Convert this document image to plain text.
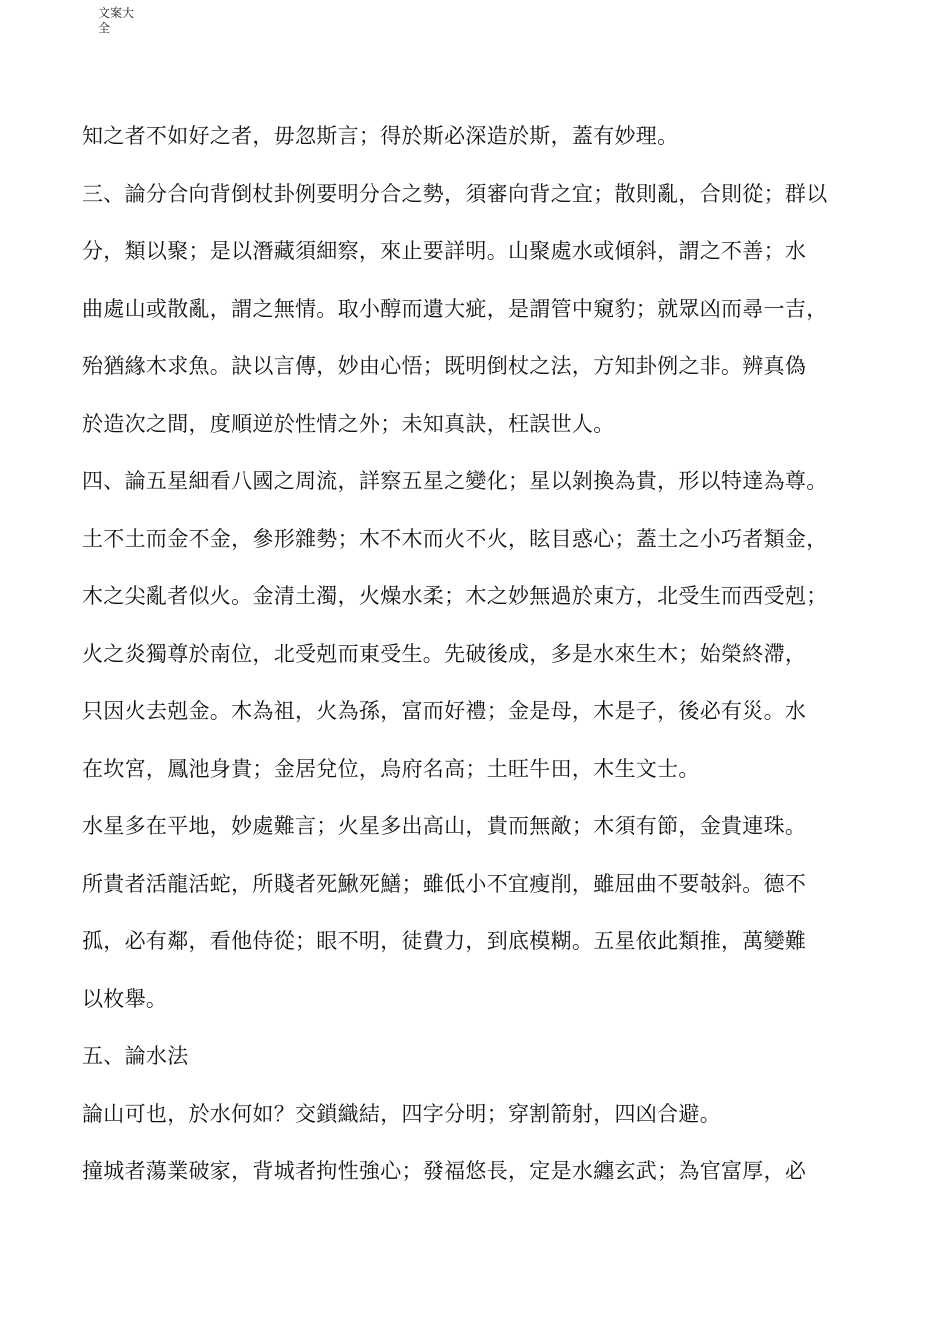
文案大全
知之者不如好之者，毋忽斯言；得於斯必深造於斯，蓋有妙理。
三、論分合向背倒杖卦例要明分合之勢，須審向背之宜；散則亂，合則從；群以
分，類以聚；是以潛藏須細察，來止要詳明。山聚處水或傾斜，謂之不善；水
曲處山或散亂，謂之無情。取小醇而遺大疵，是謂管中窺豹；就眾凶而尋一吉，
殆猶緣木求魚。訣以言傳，妙由心悟；既明倒杖之法，方知卦例之非。辨真偽
於造次之間，度順逆於性情之外；未知真訣，枉誤世人。
四、論五星細看八國之周流，詳察五星之變化；星以剝換為貴，形以特達為尊。
土不土而金不金，參形雜勢；木不木而火不火，眩目惑心；蓋土之小巧者類金，
木之尖亂者似火。金清土濁，火燥水柔；木之妙無過於東方，北受生而西受剋；
火之炎獨尊於南位，北受剋而東受生。先破後成，多是水來生木；始榮終滯，
只因火去剋金。木為祖，火為孫，富而好禮；金是母，木是子，後必有災。水
在坎宮，鳳池身貴；金居兌位，烏府名高；土旺牛田，木生文士。
水星多在平地，妙處難言；火星多出高山，貴而無敵；木須有節，金貴連珠。
所貴者活龍活蛇，所賤者死鰍死鱔；雖低小不宜瘦削，雖屈曲不要攲斜。德不
孤，必有鄰，看他侍從；眼不明，徒費力，到底模糊。五星依此類推，萬變難
以枚舉。
五、論水法
論山可也，於水何如？交鎖織結，四字分明；穿割箭射，四凶合避。
撞城者蕩業破家，背城者拘性強心；發福悠長，定是水纏玄武；為官富厚，必
